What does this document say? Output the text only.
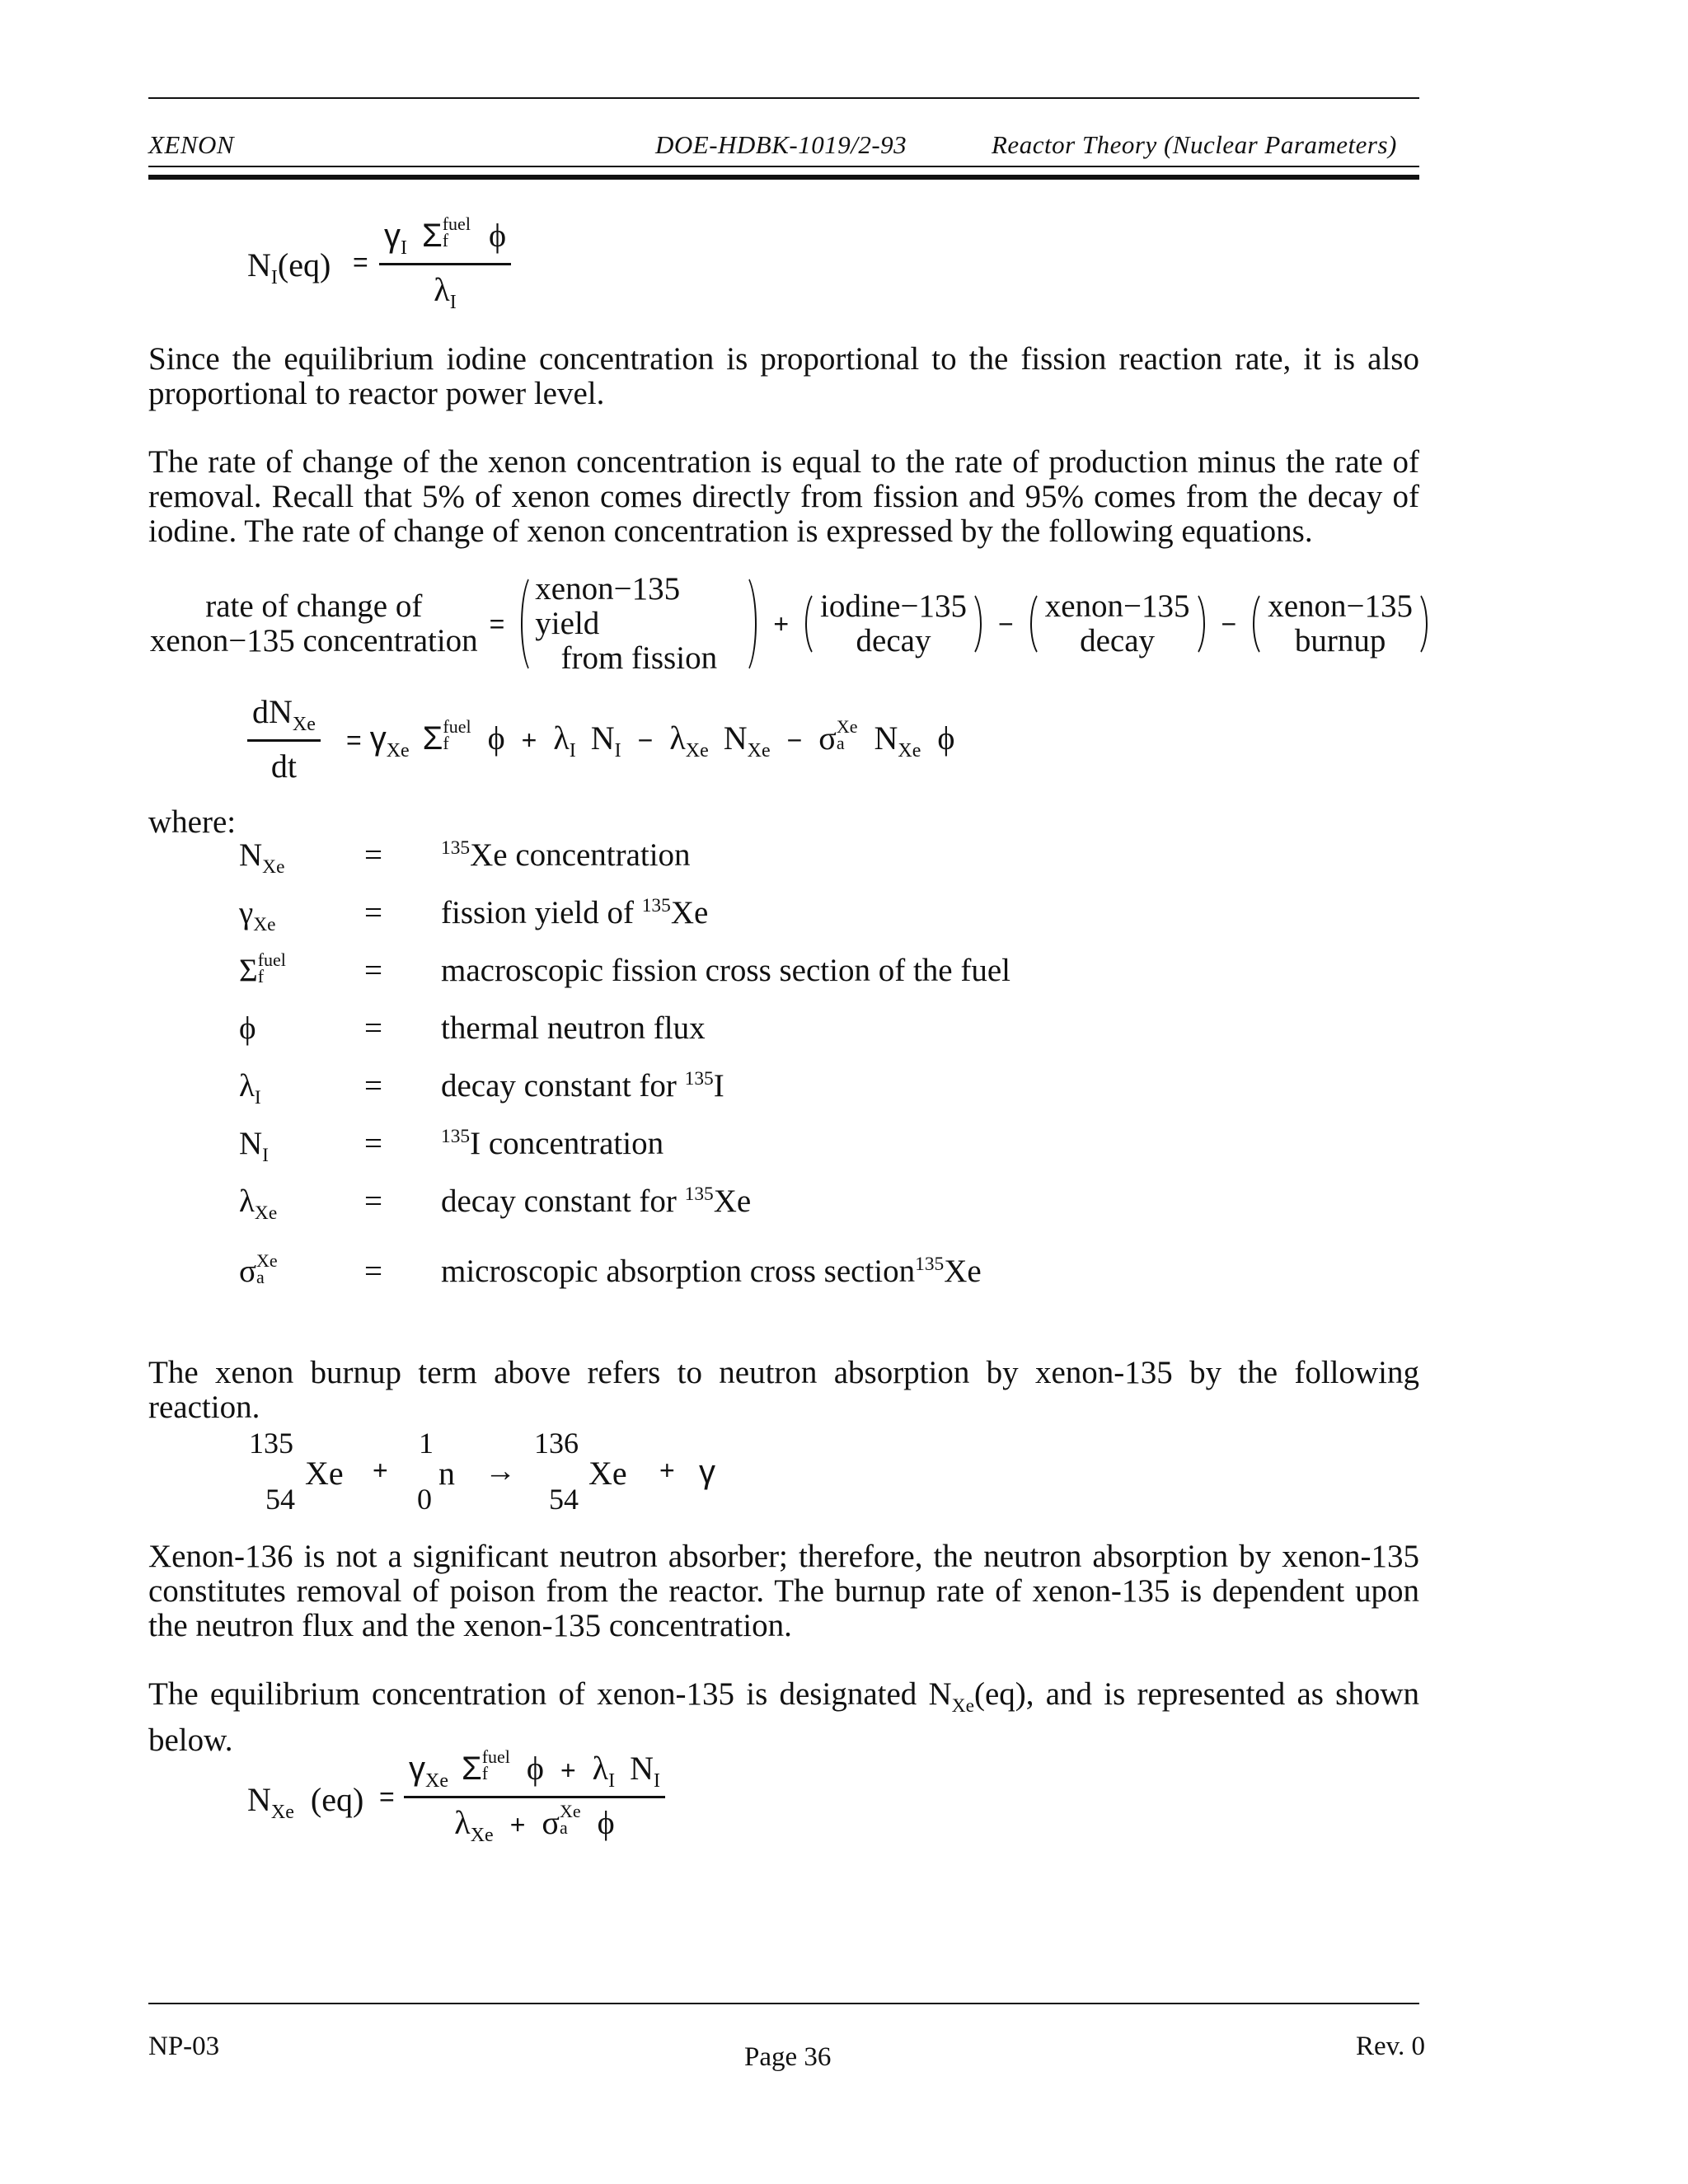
XENON	DOE-HDBK-1019/2-93	Reactor Theory (Nuclear Parameters)
$N_I(eq)$ =
$\gamma_I$ Σ fuel
f	ϕ
$\lambda_I$
Since the equilibrium iodine concentration is proportional to the fission reaction rate, it is also proportional to reactor power level.
The rate of change of the xenon concentration is equal to the rate of production minus the rate of removal. Recall that 5% of xenon comes directly from fission and 95% comes from the decay of iodine. The rate of change of xenon concentration is expressed by the following equations.
rate of change of
xenon−135 concentration =
xenon−135 yield
from fission
+ iodine−135
decay	− xenon−135
decay	− xenon−135
burnup
$dN_{Xe}$
dt
= $\gamma_{Xe}$ Σ fuel
f	$\phi + \lambda_I$ $N_I - \lambda_{Xe}$ $N_{Xe} - \sigma$ Xe
a $N_{Xe}$ ϕ
where:
$N_{Xe}$	=	$^{135}$Xe concentration
$\gamma_{Xe}$	= fission yield of $^{135}$Xe
Σ fuel
f	= macroscopic fission cross section of the fuel
ϕ	= thermal neutron flux
$\lambda_I$	= decay constant for $^{135}$I
$N_I$	=	$^{135}$I concentration
$\lambda_{Xe}$	= decay constant for $^{135}$Xe
σ Xe
a	= microscopic absorption cross section$^{135}$Xe
The xenon burnup term above refers to neutron absorption by xenon-135 by the following reaction.
135
54
Xe +
1
0
n →
136
54
Xe + γ
Xenon-136 is not a significant neutron absorber; therefore, the neutron absorption by xenon-135 constitutes removal of poison from the reactor. The burnup rate of xenon-135 is dependent upon the neutron flux and the xenon-135 concentration.
The equilibrium concentration of xenon-135 is designated $N_{Xe}(eq)$, and is represented as shown below.
$N_{Xe}$ (eq) =
$\gamma_{Xe}$ Σ fuel
f	$\phi + \lambda_I$ $N_I$
$\lambda_{Xe} + \sigma$ Xe
a ϕ
NP-03	Page 36	Rev. 0
